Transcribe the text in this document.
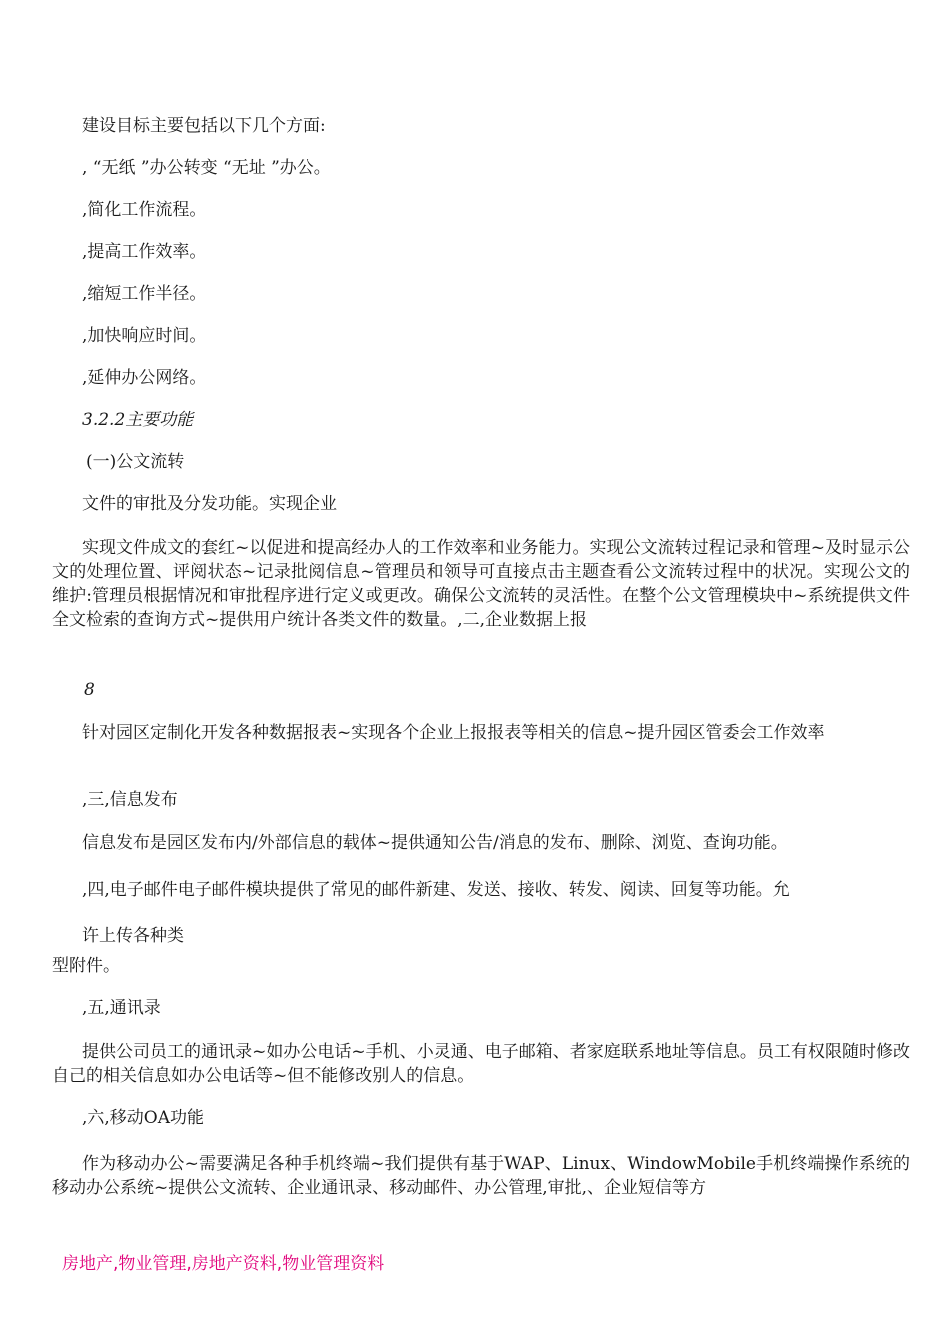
建设目标主要包括以下几个方面:

, “无纸 ”办公转变 “无址 ”办公。

,简化工作流程。

,提高工作效率。

,缩短工作半径。

,加快响应时间。

,延伸办公网络。

3.2.2主要功能

(一)公文流转

文件的审批及分发功能。实现企业

实现文件成文的套红~以促进和提高经办人的工作效率和业务能力。实现公文流转过程记录和管理~及时显示公文的处理位置、评阅状态~记录批阅信息~管理员和领导可直接点击主题查看公文流转过程中的状况。实现公文的维护:管理员根据情况和审批程序进行定义或更改。确保公文流转的灵活性。在整个公文管理模块中~系统提供文件全文检索的查询方式~提供用户统计各类文件的数量。,二,企业数据上报

8

针对园区定制化开发各种数据报表~实现各个企业上报报表等相关的信息~提升园区管委会工作效率

,三,信息发布

信息发布是园区发布内/外部信息的载体~提供通知公告/消息的发布、删除、浏览、查询功能。

,四,电子邮件电子邮件模块提供了常见的邮件新建、发送、接收、转发、阅读、回复等功能。允

许上传各种类

型附件。

,五,通讯录

提供公司员工的通讯录~如办公电话~手机、小灵通、电子邮箱、者家庭联系地址等信息。员工有权限随时修改自己的相关信息如办公电话等~但不能修改别人的信息。

,六,移动OA功能

作为移动办公~需要满足各种手机终端~我们提供有基于WAP、Linux、WindowMobile手机终端操作系统的移动办公系统~提供公文流转、企业通讯录、移动邮件、办公管理,审批,、企业短信等方

房地产,物业管理,房地产资料,物业管理资料
